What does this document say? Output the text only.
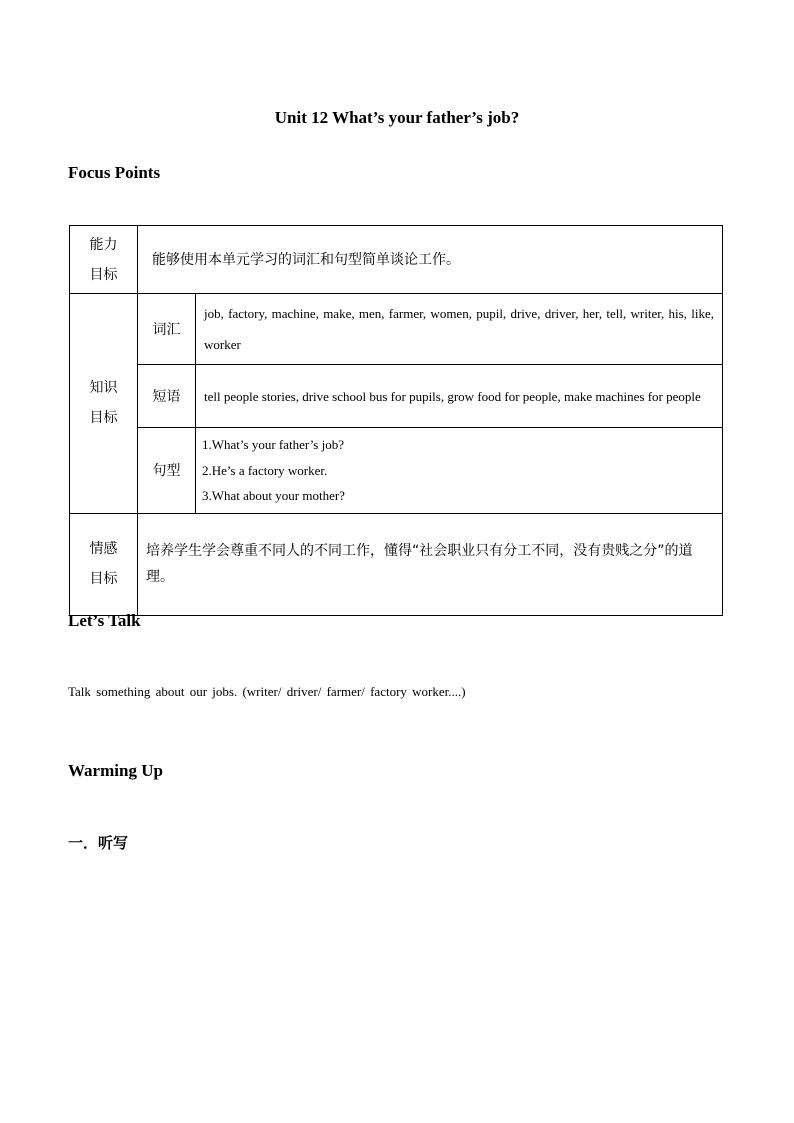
Unit 12 What’s your father’s job?
Focus Points
能力
目标	能够使用本单元学习的词汇和句型简单谈论工作。	

知识
目标	词汇	job, factory, machine, make, men, farmer, women, pupil, drive, driver, her, tell, writer, his, like, worker
	短语	tell people stories, drive school bus for pupils, grow food for people, make machines for people
	句型	1.What’s your father’s job?
2.He’s a factory worker.
3.What about your mother?

情感
目标	培养学生学会尊重不同人的不同工作，懂得“社会职业只有分工不同，没有贵贱之分”的道理。	
Let’s Talk
Talk something about our jobs. (writer/ driver/ farmer/ factory worker....)
Warming Up
一．听写
